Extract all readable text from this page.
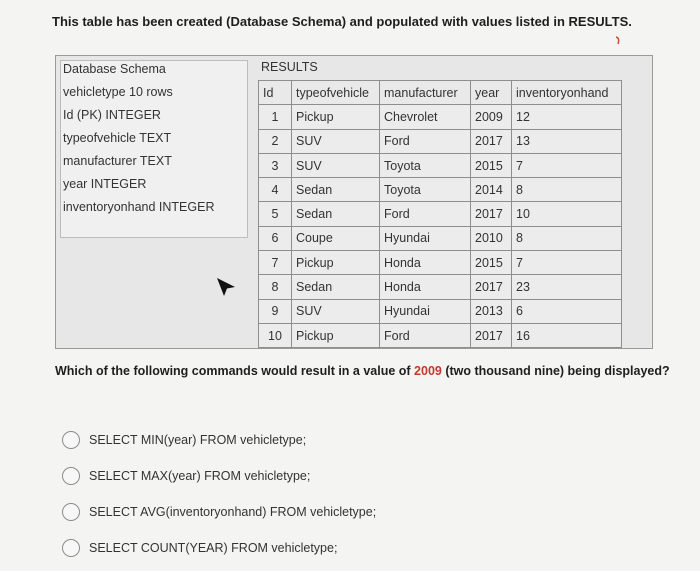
This table has been created (Database Schema) and populated with values listed in RESULTS.
Database Schema
vehicletype 10 rows
Id (PK) INTEGER
typeofvehicle TEXT
manufacturer TEXT
year INTEGER
inventoryonhand INTEGER
RESULTS
Id	typeofvehicle	manufacturer	year	inventoryonhand
1	Pickup	Chevrolet	2009	12
2	SUV	Ford	2017	13
3	SUV	Toyota	2015	7
4	Sedan	Toyota	2014	8
5	Sedan	Ford	2017	10
6	Coupe	Hyundai	2010	8
7	Pickup	Honda	2015	7
8	Sedan	Honda	2017	23
9	SUV	Hyundai	2013	6
10	Pickup	Ford	2017	16
Which of the following commands would result in a value of 2009 (two thousand nine) being displayed?
SELECT MIN(year) FROM vehicletype;
SELECT MAX(year) FROM vehicletype;
SELECT AVG(inventoryonhand) FROM vehicletype;
SELECT COUNT(YEAR) FROM vehicletype;
